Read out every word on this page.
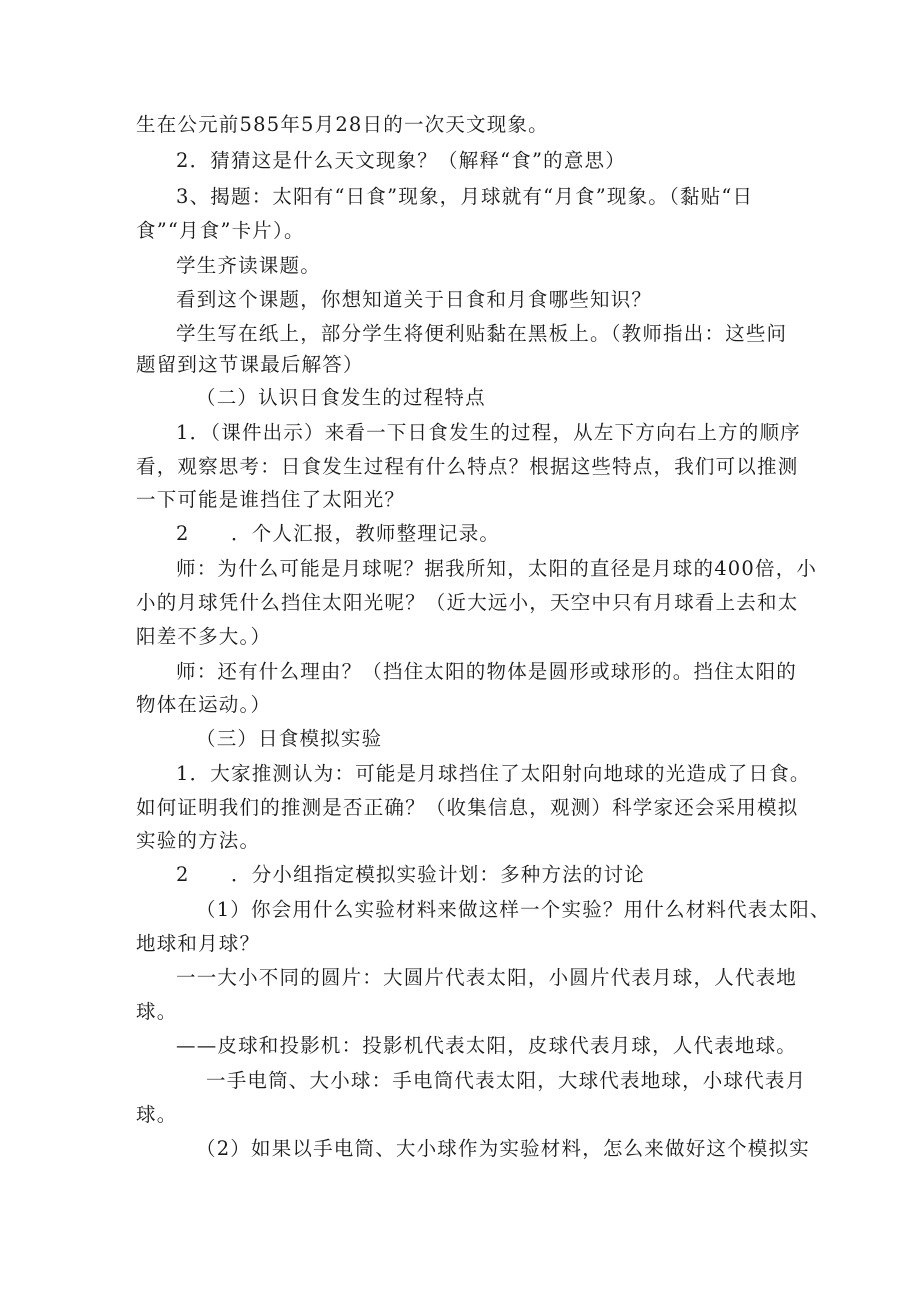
生在公元前585年5月28日的一次天文现象。
2．猜猜这是什么天文现象？（解释“食”的意思）
3、揭题：太阳有“日食”现象，月球就有“月食”现象。（黏贴“日
食”“月食”卡片）。
学生齐读课题。
看到这个课题，你想知道关于日食和月食哪些知识？
学生写在纸上，部分学生将便利贴黏在黑板上。（教师指出：这些问
题留到这节课最后解答）
（二）认识日食发生的过程特点
1．（课件出示）来看一下日食发生的过程，从左下方向右上方的顺序
看，观察思考：日食发生过程有什么特点？根据这些特点，我们可以推测
一下可能是谁挡住了太阳光？
2　　．个人汇报，教师整理记录。
师：为什么可能是月球呢？据我所知，太阳的直径是月球的400倍，小
小的月球凭什么挡住太阳光呢？（近大远小，天空中只有月球看上去和太
阳差不多大。）
师：还有什么理由？（挡住太阳的物体是圆形或球形的。挡住太阳的
物体在运动。）
（三）日食模拟实验
1．大家推测认为：可能是月球挡住了太阳射向地球的光造成了日食。
如何证明我们的推测是否正确？（收集信息，观测）科学家还会采用模拟
实验的方法。
2　　．分小组指定模拟实验计划：多种方法的讨论
（1）你会用什么实验材料来做这样一个实验？用什么材料代表太阳、
地球和月球？
一一大小不同的圆片：大圆片代表太阳，小圆片代表月球，人代表地
球。
——皮球和投影机：投影机代表太阳，皮球代表月球，人代表地球。
一手电筒、大小球：手电筒代表太阳，大球代表地球，小球代表月
球。
（2）如果以手电筒、大小球作为实验材料，怎么来做好这个模拟实
